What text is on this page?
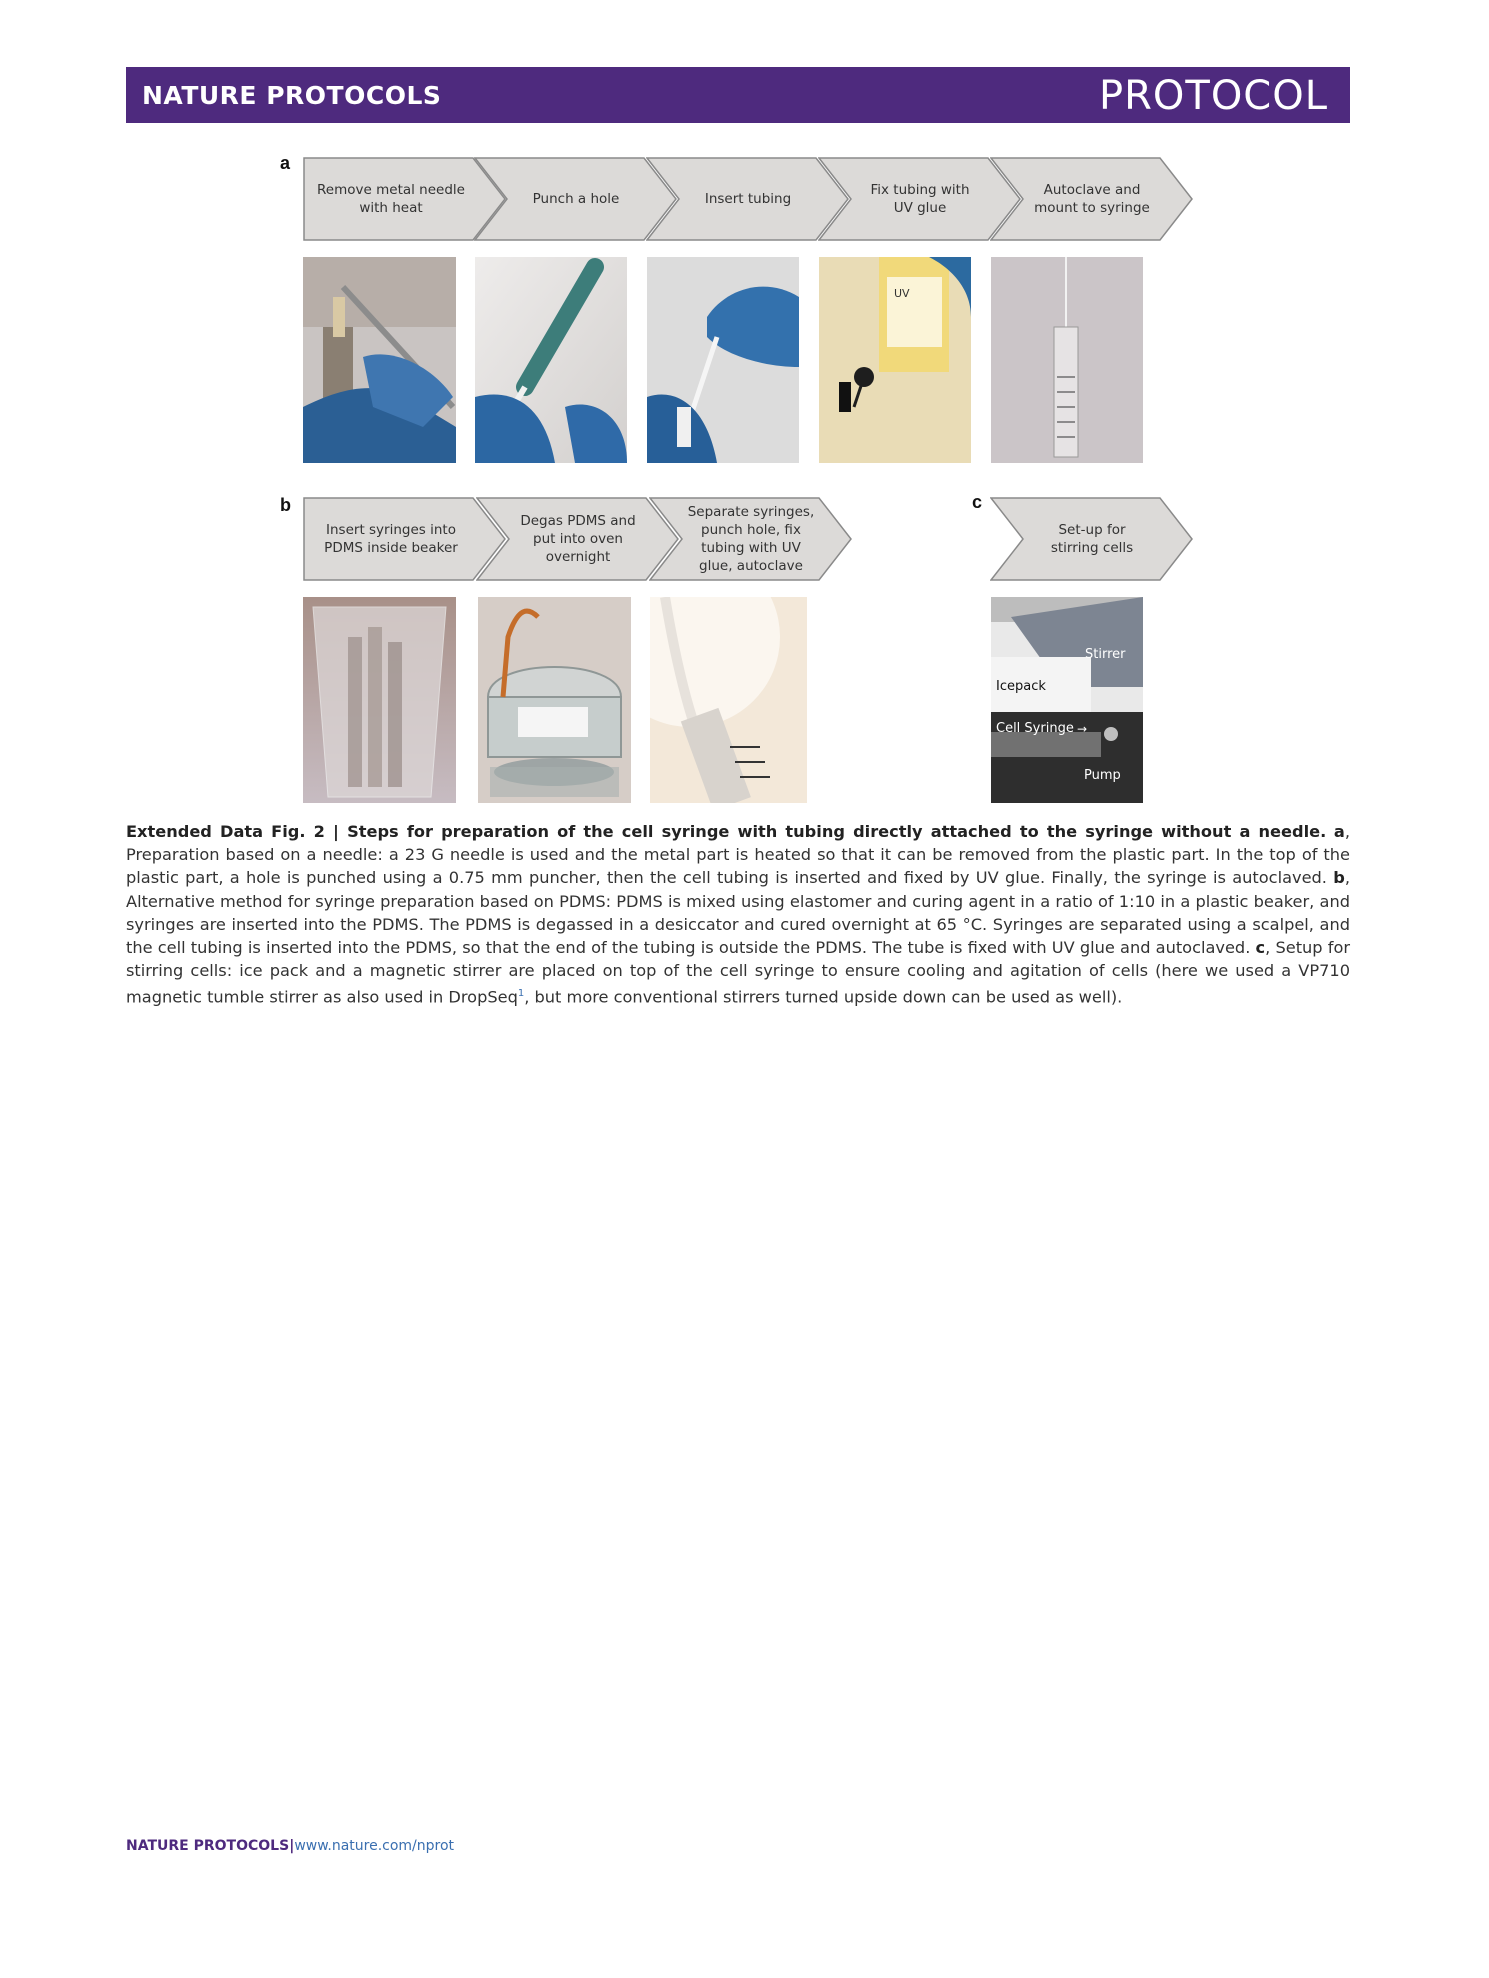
NATURE PROTOCOLS	PROTOCOL
a
Remove metal needle
with heat
Punch a hole	Insert tubing
Fix tubing with
UV glue
Autoclave and
mount to syringe
UV
b
Insert syringes into
PDMS inside beaker
Degas PDMS and
put into oven
overnight
Separate syringes,
punch hole, fix
tubing with UV
glue, autoclave
c
Set-up for
stirring cells
Stirrer
Icepack
Cell Syringe →
Pump
Extended Data Fig. 2 | Steps for preparation of the cell syringe with tubing directly attached to the syringe without a needle. a, Preparation based on a needle: a 23 G needle is used and the metal part is heated so that it can be removed from the plastic part. In the top of the plastic part, a hole is punched using a 0.75 mm puncher, then the cell tubing is inserted and fixed by UV glue. Finally, the syringe is autoclaved. b, Alternative method for syringe preparation based on PDMS: PDMS is mixed using elastomer and curing agent in a ratio of 1:10 in a plastic beaker, and syringes are inserted into the PDMS. The PDMS is degassed in a desiccator and cured overnight at 65 °C. Syringes are separated using a scalpel, and the cell tubing is inserted into the PDMS, so that the end of the tubing is outside the PDMS. The tube is fixed with UV glue and autoclaved. c, Setup for stirring cells: ice pack and a magnetic stirrer are placed on top of the cell syringe to ensure cooling and agitation of cells (here we used a VP710 magnetic tumble stirrer as also used in DropSeq$^1$, but more conventional stirrers turned upside down can be used as well).
NATURE PROTOCOLS|www.nature.com/nprot
